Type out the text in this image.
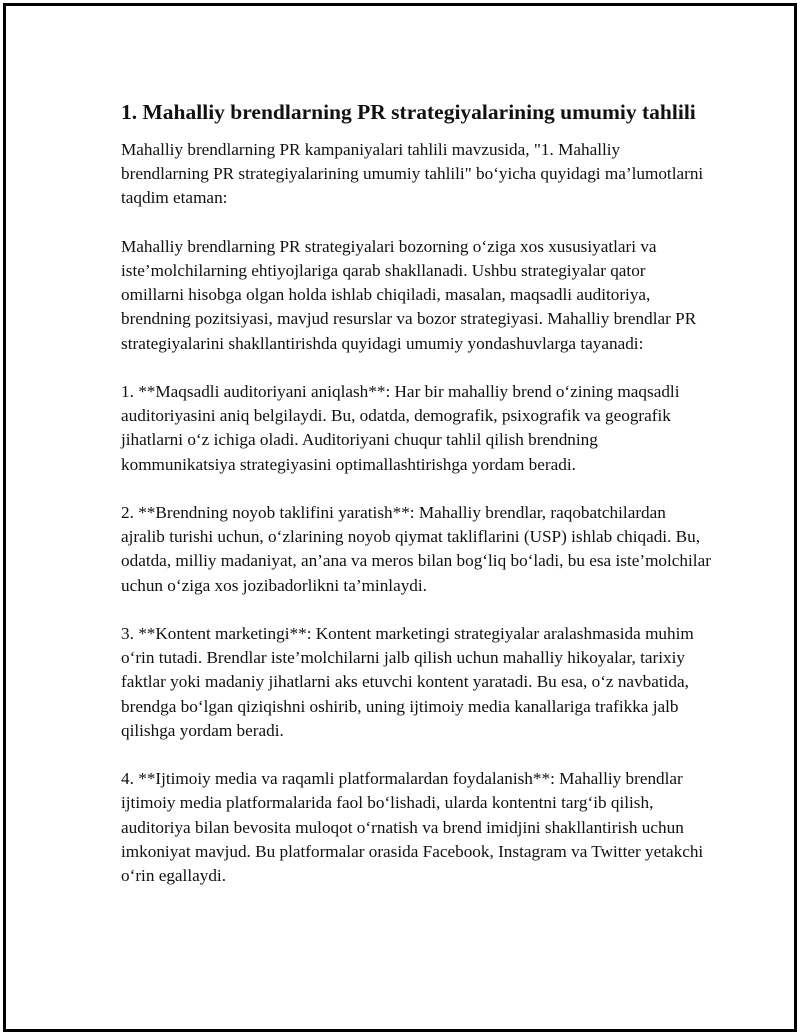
1. Mahalliy brendlarning PR strategiyalarining umumiy tahlili

Mahalliy brendlarning PR kampaniyalari tahlili mavzusida, "1. Mahalliy brendlarning PR strategiyalarining umumiy tahlili" bo‘yicha quyidagi ma’lumotlarni taqdim etaman:

Mahalliy brendlarning PR strategiyalari bozorning o‘ziga xos xususiyatlari va iste’molchilarning ehtiyojlariga qarab shakllanadi. Ushbu strategiyalar qator omillarni hisobga olgan holda ishlab chiqiladi, masalan, maqsadli auditoriya, brendning pozitsiyasi, mavjud resurslar va bozor strategiyasi. Mahalliy brendlar PR strategiyalarini shakllantirishda quyidagi umumiy yondashuvlarga tayanadi:

1. **Maqsadli auditoriyani aniqlash**: Har bir mahalliy brend o‘zining maqsadli auditoriyasini aniq belgilaydi. Bu, odatda, demografik, psixografik va geografik jihatlarni o‘z ichiga oladi. Auditoriyani chuqur tahlil qilish brendning kommunikatsiya strategiyasini optimallashtirishga yordam beradi.

2. **Brendning noyob taklifini yaratish**: Mahalliy brendlar, raqobatchilardan ajralib turishi uchun, o‘zlarining noyob qiymat takliflarini (USP) ishlab chiqadi. Bu, odatda, milliy madaniyat, an’ana va meros bilan bog‘liq bo‘ladi, bu esa iste’molchilar uchun o‘ziga xos jozibadorlikni ta’minlaydi.

3. **Kontent marketingi**: Kontent marketingi strategiyalar aralashmasida muhim o‘rin tutadi. Brendlar iste’molchilarni jalb qilish uchun mahalliy hikoyalar, tarixiy faktlar yoki madaniy jihatlarni aks etuvchi kontent yaratadi. Bu esa, o‘z navbatida, brendga bo‘lgan qiziqishni oshirib, uning ijtimoiy media kanallariga trafikka jalb qilishga yordam beradi.

4. **Ijtimoiy media va raqamli platformalardan foydalanish**: Mahalliy brendlar ijtimoiy media platformalarida faol bo‘lishadi, ularda kontentni targ‘ib qilish, auditoriya bilan bevosita muloqot o‘rnatish va brend imidjini shakllantirish uchun imkoniyat mavjud. Bu platformalar orasida Facebook, Instagram va Twitter yetakchi o‘rin egallaydi.
